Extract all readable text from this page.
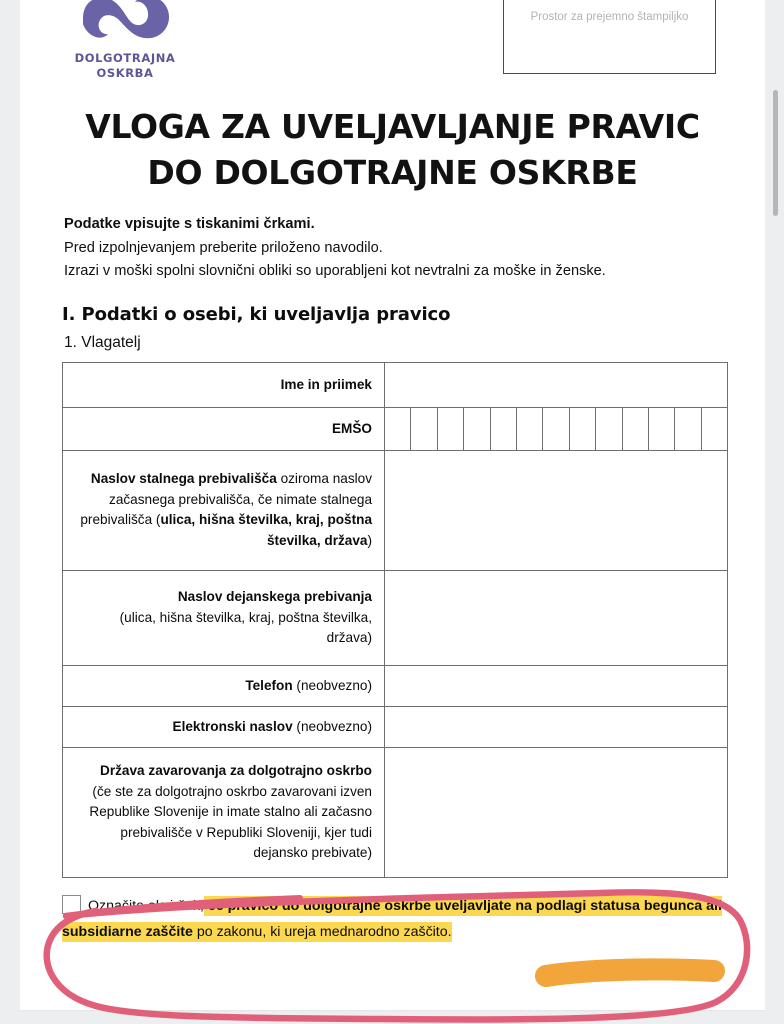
DOLGOTRAJNA
OSKRBA
Prostor za prejemno štampiljko
VLOGA ZA UVELJAVLJANJE PRAVIC
DO DOLGOTRAJNE OSKRBE
Podatke vpisujte s tiskanimi črkami.
Pred izpolnjevanjem preberite priloženo navodilo.
Izrazi v moški spolni slovnični obliki so uporabljeni kot nevtralni za moške in ženske.
I. Podatki o osebi, ki uveljavlja pravico
1. Vlagatelj
Ime in priimek	
EMŠO	

Naslov stalnega prebivališča oziroma naslov začasnega prebivališča, če nimate stalnega prebivališča (ulica, hišna številka, kraj, poštna številka, država)	
Naslov dejanskega prebivanja
(ulica, hišna številka, kraj, poštna številka, država)	
Telefon (neobvezno)	
Elektronski naslov (neobvezno)	
Država zavarovanja za dolgotrajno oskrbo
(če ste za dolgotrajno oskrbo zavarovani izven Republike Slovenije in imate stalno ali začasno prebivališče v Republiki Sloveniji, kjer tudi dejansko prebivate)	
Označite okvirček, če pravico do dolgotrajne oskrbe uveljavljate na podlagi statusa begunca ali subsidiarne zaščite po zakonu, ki ureja mednarodno zaščito.
